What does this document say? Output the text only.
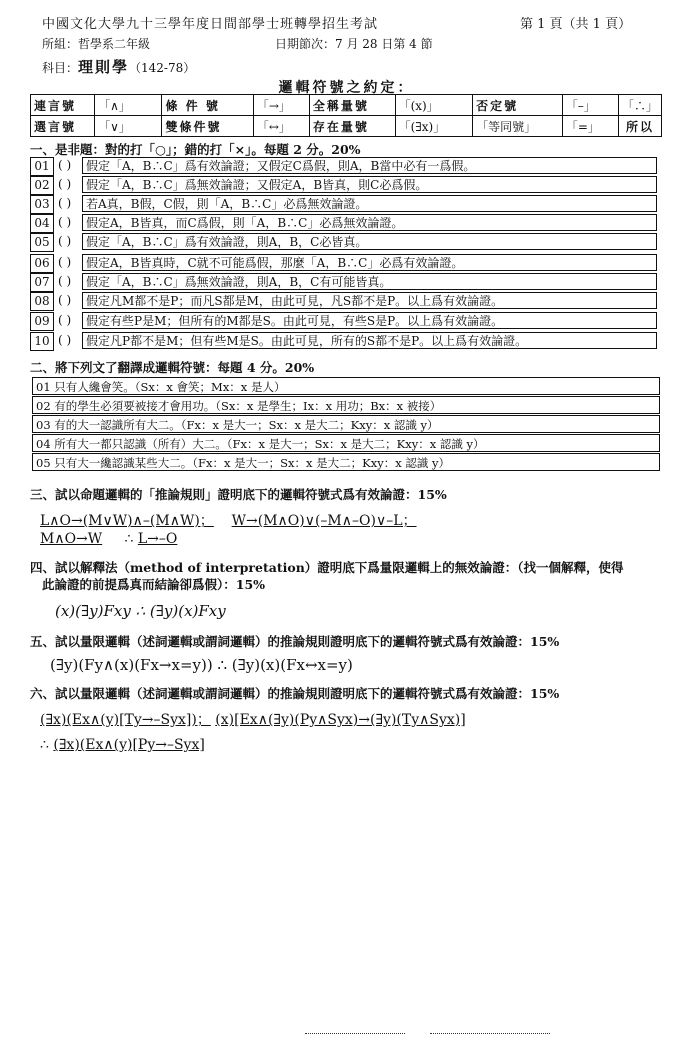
中國文化大學九十三學年度日間部學士班轉學招生考試	第 1 頁（共 1 頁）
所組：哲學系二年級	日期節次：7 月 28 日第 4 節
科目：理則學（142-78）
邏輯符號之約定：
連言號	「∧」	條 件 號	「→」	全稱量號	「(x)」	否定號	「–」	「∴」
選言號	「∨」	雙條件號	「↔」	存在量號	「(∃x)」	「等同號」	「=」	所以
一、是非題：對的打「○」；錯的打「×」。每題 2 分。20%
01 ( )	假定「A，B∴C」爲有效論證；又假定C爲假，則A，B當中必有一爲假。
02 ( )	假定「A，B∴C」爲無效論證；又假定A，B皆真，則C必爲假。
03 ( )	若A真，B假，C假，則「A，B∴C」必爲無效論證。
04 ( )	假定A，B皆真，而C爲假，則「A，B∴C」必爲無效論證。
05 ( )	假定「A，B∴C」爲有效論證，則A，B，C必皆真。
06 ( )	假定A，B皆真時，C就不可能爲假，那麼「A，B∴C」必爲有效論證。
07 ( )	假定「A，B∴C」爲無效論證，則A，B，C有可能皆真。
08 ( )	假定凡M都不是P；而凡S都是M，由此可見，凡S都不是P。以上爲有效論證。
09 ( )	假定有些P是M；但所有的M都是S。由此可見，有些S是P。以上爲有效論證。
10 ( )	假定凡P都不是M；但有些M是S。由此可見，所有的S都不是P。以上爲有效論證。
二、將下列文了翻譯成邏輯符號：每題 4 分。20%
01 只有人纔會笑。（Sx：x 會笑；Mx：x 是人）
02 有的學生必須要被接才會用功。（Sx：x 是學生；Ix：x 用功；Bx：x 被接）
03 有的大一認識所有大二。（Fx：x 是大一；Sx：x 是大二；Kxy：x 認識 y）
04 所有大一都只認識（所有）大二。（Fx：x 是大一；Sx：x 是大二；Kxy：x 認識 y）
05 只有大一纔認識某些大二。（Fx：x 是大一；Sx：x 是大二；Kxy：x 認識 y）
三、試以命題邏輯的「推論規則」證明底下的邏輯符號式爲有效論證：15%
L∧O→(M∨W)∧–(M∧W)； W→(M∧O)∨(–M∧–O)∨–L；
M∧O→W ∴ L→–O
四、試以解釋法（method of interpretation）證明底下爲量限邏輯上的無效論證：（找一個解釋，使得
此論證的前提爲真而結論卻爲假）：15%
(x)(∃y)Fxy ∴ (∃y)(x)Fxy
五、試以量限邏輯（述詞邏輯或謂詞邏輯）的推論規則證明底下的邏輯符號式爲有效論證：15%
(∃y)(Fy∧(x)(Fx→x=y)) ∴ (∃y)(x)(Fx↔x=y)
六、試以量限邏輯（述詞邏輯或謂詞邏輯）的推論規則證明底下的邏輯符號式爲有效論證：15%
(∃x)(Ex∧(y)[Ty→–Syx])； (x)[Ex∧(∃y)(Py∧Syx)→(∃y)(Ty∧Syx)]
∴ (∃x)(Ex∧(y)[Py→–Syx]
